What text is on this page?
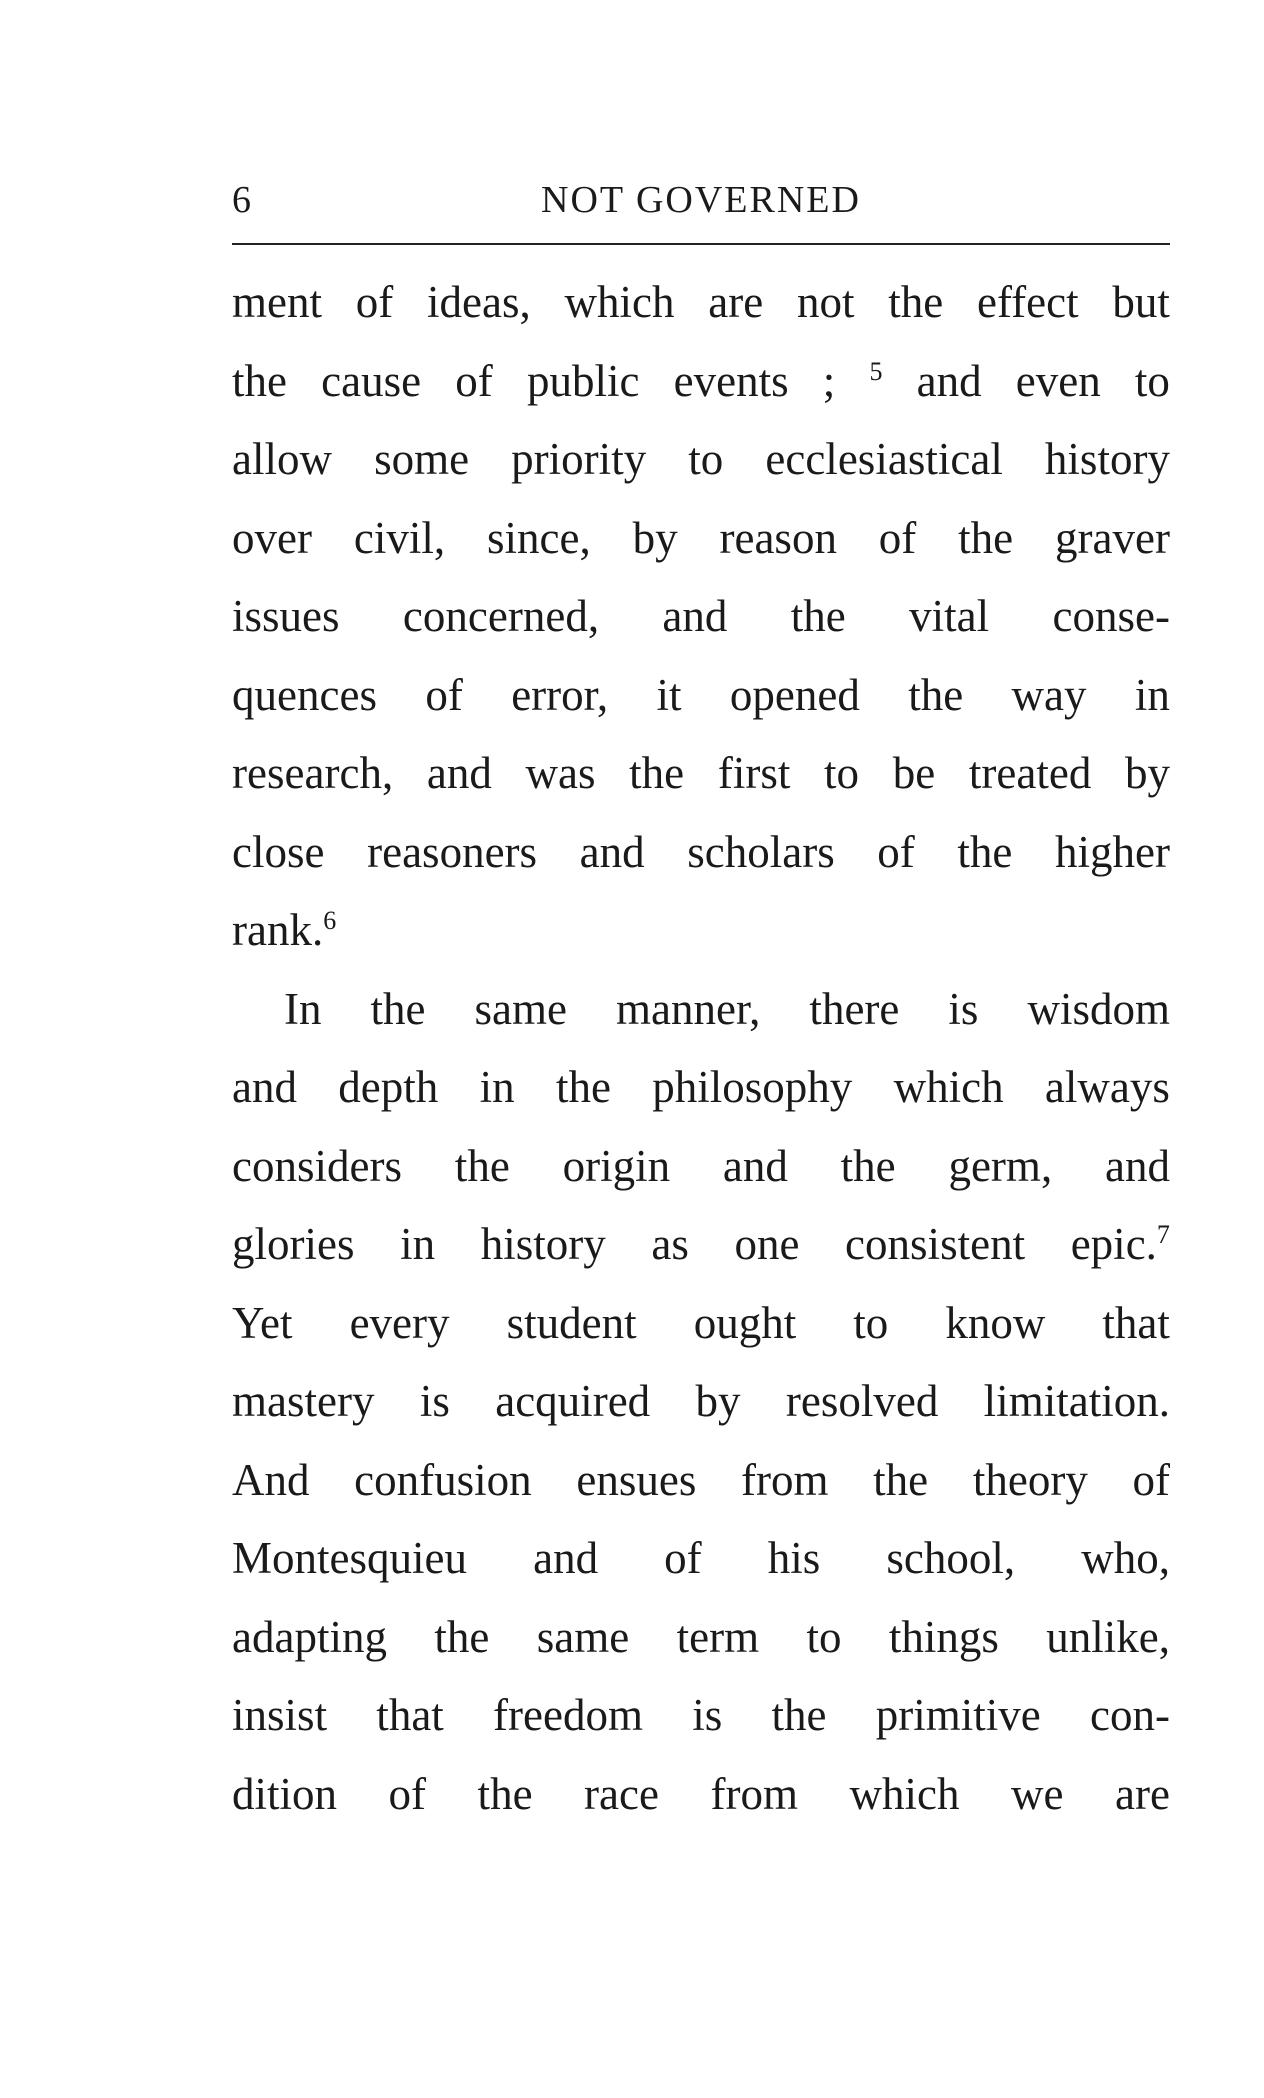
6	NOT GOVERNED
ment of ideas, which are not the effect but
the cause of public events ; $^5$ and even to
allow some priority to ecclesiastical history
over civil, since, by reason of the graver
issues concerned, and the vital conse-
quences of error, it opened the way in
research, and was the first to be treated by
close reasoners and scholars of the higher
rank.$^6$
In the same manner, there is wisdom
and depth in the philosophy which always
considers the origin and the germ, and
glories in history as one consistent epic.$^7$
Yet every student ought to know that
mastery is acquired by resolved limitation.
And confusion ensues from the theory of
Montesquieu and of his school, who,
adapting the same term to things unlike,
insist that freedom is the primitive con-
dition of the race from which we are
